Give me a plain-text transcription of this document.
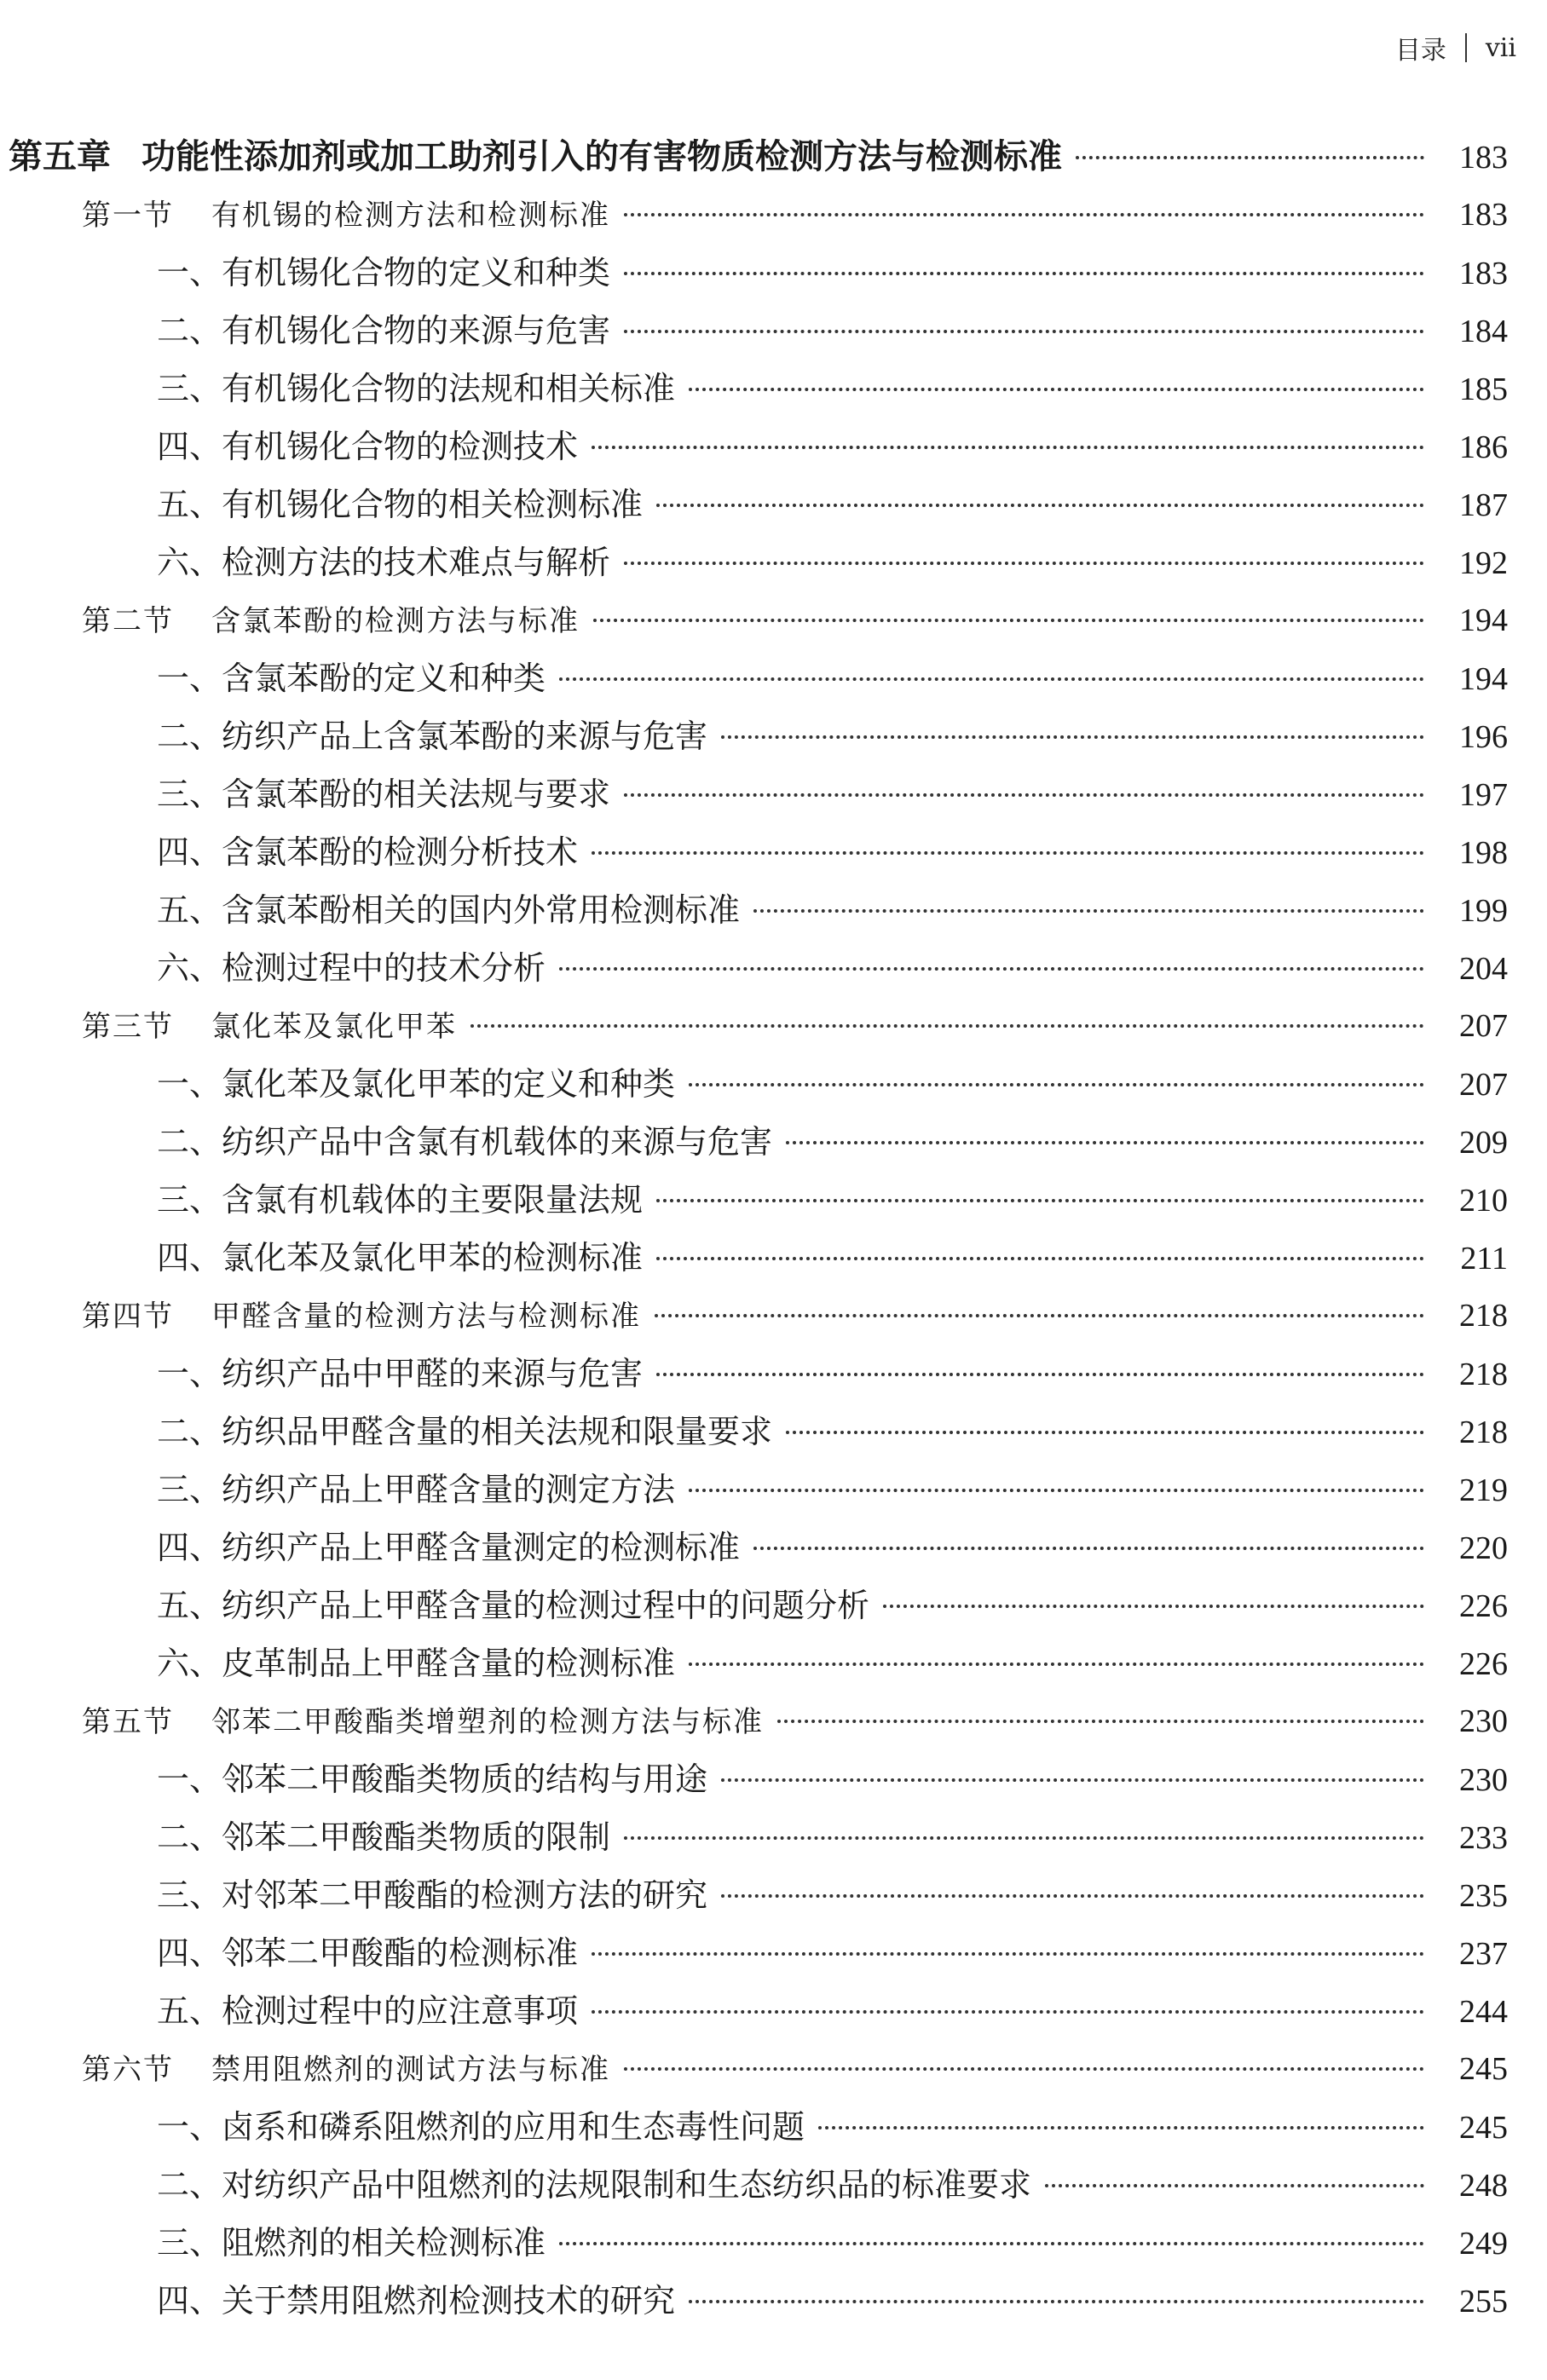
目录 vii
第五章 功能性添加剂或加工助剂引入的有害物质检测方法与检测标准	183
第一节 有机锡的检测方法和检测标准	183
一、有机锡化合物的定义和种类	183
二、有机锡化合物的来源与危害	184
三、有机锡化合物的法规和相关标准	185
四、有机锡化合物的检测技术	186
五、有机锡化合物的相关检测标准	187
六、检测方法的技术难点与解析	192
第二节 含氯苯酚的检测方法与标准	194
一、含氯苯酚的定义和种类	194
二、纺织产品上含氯苯酚的来源与危害	196
三、含氯苯酚的相关法规与要求	197
四、含氯苯酚的检测分析技术	198
五、含氯苯酚相关的国内外常用检测标准	199
六、检测过程中的技术分析	204
第三节 氯化苯及氯化甲苯	207
一、氯化苯及氯化甲苯的定义和种类	207
二、纺织产品中含氯有机载体的来源与危害	209
三、含氯有机载体的主要限量法规	210
四、氯化苯及氯化甲苯的检测标准	211
第四节 甲醛含量的检测方法与检测标准	218
一、纺织产品中甲醛的来源与危害	218
二、纺织品甲醛含量的相关法规和限量要求	218
三、纺织产品上甲醛含量的测定方法	219
四、纺织产品上甲醛含量测定的检测标准	220
五、纺织产品上甲醛含量的检测过程中的问题分析	226
六、皮革制品上甲醛含量的检测标准	226
第五节 邻苯二甲酸酯类增塑剂的检测方法与标准	230
一、邻苯二甲酸酯类物质的结构与用途	230
二、邻苯二甲酸酯类物质的限制	233
三、对邻苯二甲酸酯的检测方法的研究	235
四、邻苯二甲酸酯的检测标准	237
五、检测过程中的应注意事项	244
第六节 禁用阻燃剂的测试方法与标准	245
一、卤系和磷系阻燃剂的应用和生态毒性问题	245
二、对纺织产品中阻燃剂的法规限制和生态纺织品的标准要求	248
三、阻燃剂的相关检测标准	249
四、关于禁用阻燃剂检测技术的研究	255
